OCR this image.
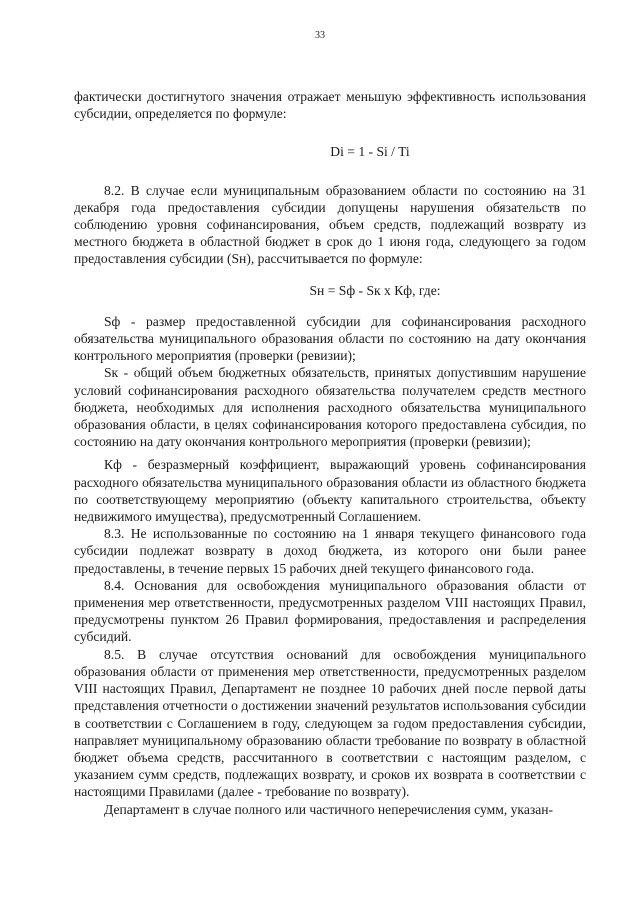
33

фактически достигнутого значения отражает меньшую эффективность использования субсидии, определяется по формуле:

Di = 1 - Si / Ti

8.2. В случае если муниципальным образованием области по состоянию на 31 декабря года предоставления субсидии допущены нарушения обязательств по соблюдению уровня софинансирования, объем средств, подлежащий возврату из местного бюджета в областной бюджет в срок до 1 июня года, следующего за годом предоставления субсидии (Sн), рассчитывается по формуле:

Sн = Sф - Sк x Кф, где:

Sф - размер предоставленной субсидии для софинансирования расходного обязательства муниципального образования области по состоянию на дату окончания контрольного мероприятия (проверки (ревизии);

Sк - общий объем бюджетных обязательств, принятых допустившим нарушение условий софинансирования расходного обязательства получателем средств местного бюджета, необходимых для исполнения расходного обязательства муниципального образования области, в целях софинансирования которого предоставлена субсидия, по состоянию на дату окончания контрольного мероприятия (проверки (ревизии);

Кф - безразмерный коэффициент, выражающий уровень софинансирования расходного обязательства муниципального образования области из областного бюджета по соответствующему мероприятию (объекту капитального строительства, объекту недвижимого имущества), предусмотренный Соглашением.

8.3. Не использованные по состоянию на 1 января текущего финансового года субсидии подлежат возврату в доход бюджета, из которого они были ранее предоставлены, в течение первых 15 рабочих дней текущего финансового года.

8.4. Основания для освобождения муниципального образования области от применения мер ответственности, предусмотренных разделом VIII настоящих Правил, предусмотрены пунктом 26 Правил формирования, предоставления и распределения субсидий.

8.5. В случае отсутствия оснований для освобождения муниципального образования области от применения мер ответственности, предусмотренных разделом VIII настоящих Правил, Департамент не позднее 10 рабочих дней после первой даты представления отчетности о достижении значений результатов использования субсидии в соответствии с Соглашением в году, следующем за годом предоставления субсидии, направляет муниципальному образованию области требование по возврату в областной бюджет объема средств, рассчитанного в соответствии с настоящим разделом, с указанием сумм средств, подлежащих возврату, и сроков их возврата в соответствии с настоящими Правилами (далее - требование по возврату).

Департамент в случае полного или частичного неперечисления сумм, указан-
